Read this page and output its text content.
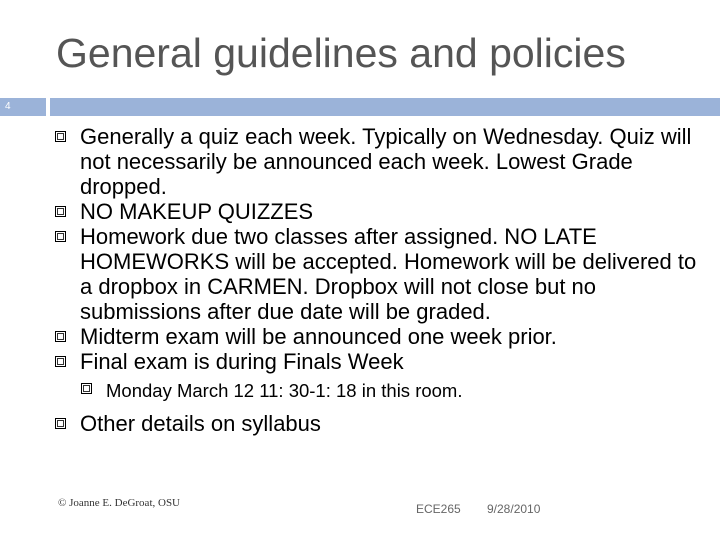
General guidelines and policies
4
Generally a quiz each week. Typically on Wednesday. Quiz will not necessarily be announced each week. Lowest Grade dropped.
NO MAKEUP QUIZZES
Homework due two classes after assigned. NO LATE HOMEWORKS will be accepted. Homework will be delivered to a dropbox in CARMEN. Dropbox will not close but no submissions after due date will be graded.
Midterm exam will be announced one week prior.
Final exam is during Finals Week
Monday March 12 11: 30-1: 18 in this room.
Other details on syllabus
© Joanne E. DeGroat, OSU	ECE265 9/28/2010
